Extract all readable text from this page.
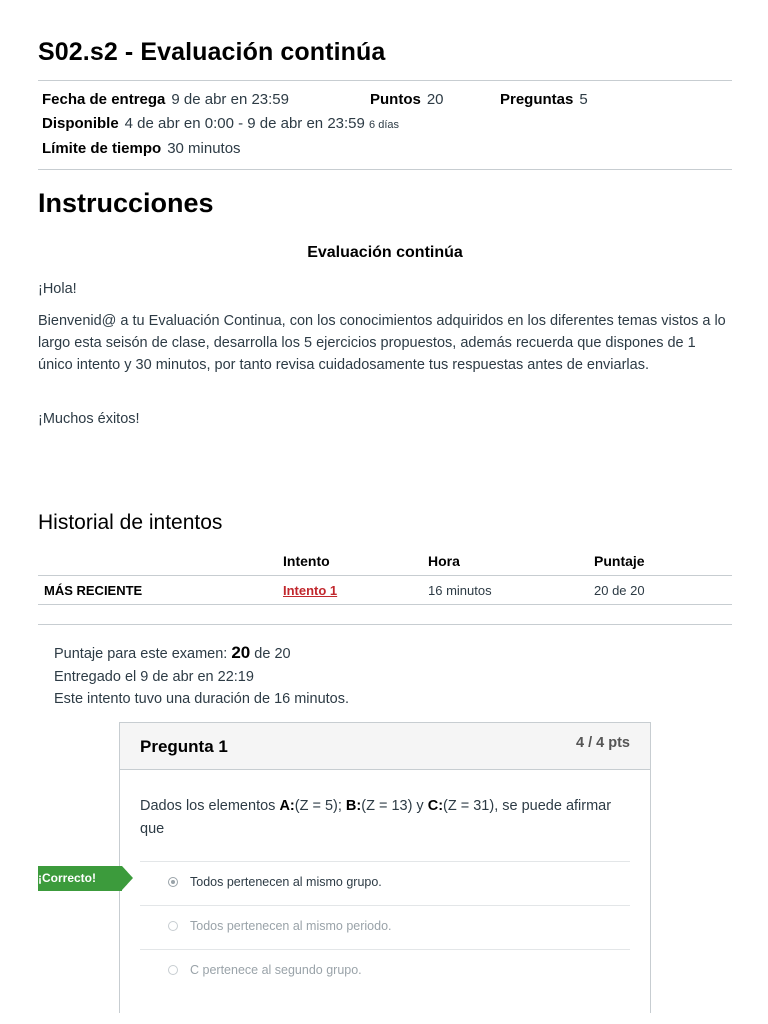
S02.s2 - Evaluación continúa
Fecha de entrega 9 de abr en 23:59	Puntos 20	Preguntas 5
Disponible 4 de abr en 0:00 - 9 de abr en 23:59 6 días
Límite de tiempo 30 minutos
Instrucciones
Evaluación continúa
¡Hola!
Bienvenid@ a tu Evaluación Continua, con los conocimientos adquiridos en los diferentes temas vistos a lo largo esta seisón de clase, desarrolla los 5 ejercicios propuestos, además recuerda que dispones de 1 único intento y 30 minutos, por tanto revisa cuidadosamente tus respuestas antes de enviarlas.
¡Muchos éxitos!
Historial de intentos
	Intento	Hora	Puntaje
MÁS RECIENTE	Intento 1	16 minutos	20 de 20
Puntaje para este examen: 20 de 20
Entregado el 9 de abr en 22:19
Este intento tuvo una duración de 16 minutos.
Pregunta 1	4 / 4 pts
Dados los elementos A:(Z = 5); B:(Z = 13) y C:(Z = 31), se puede afirmar que
Todos pertenecen al mismo grupo.
Todos pertenecen al mismo periodo.
C pertenece al segundo grupo.
¡Correcto!
